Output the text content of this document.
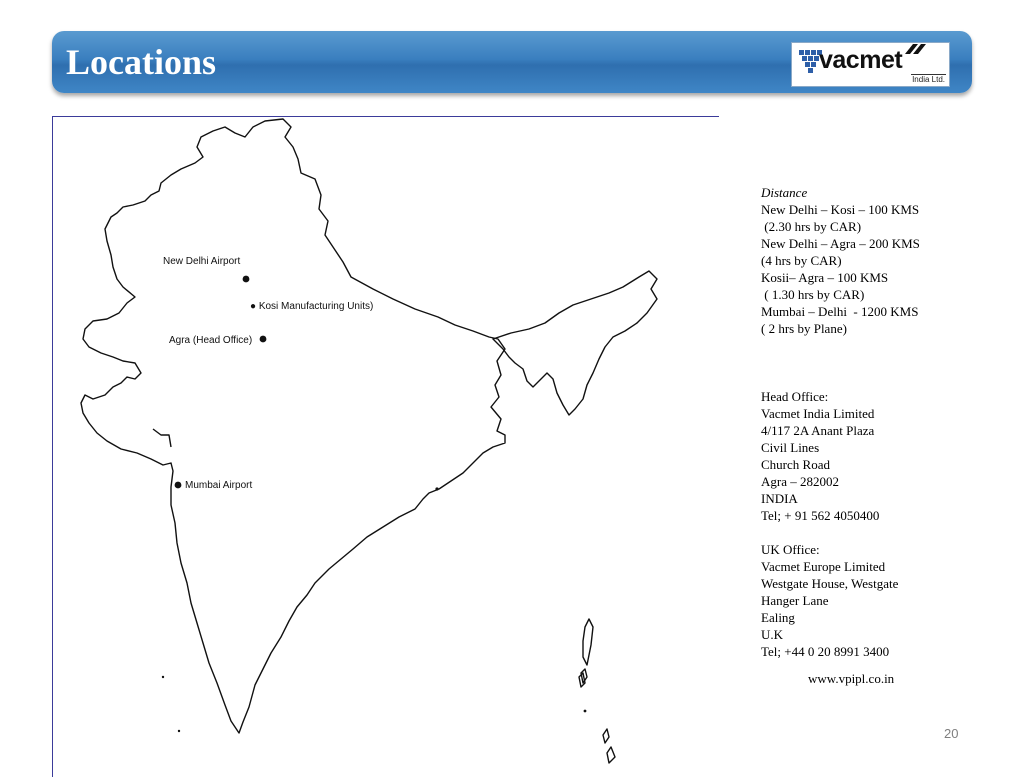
Locations	vacmet
India Ltd.
New Delhi Airport
● Kosi Manufacturing Units)
Agra (Head Office)
Mumbai Airport
Distance
New Delhi – Kosi – 100 KMS
(2.30 hrs by CAR)
New Delhi – Agra – 200 KMS
(4 hrs by CAR)
Kosii– Agra – 100 KMS
( 1.30 hrs by CAR)
Mumbai – Delhi  - 1200 KMS
( 2 hrs by Plane)
Head Office:
Vacmet India Limited
4/117 2A Anant Plaza
Civil Lines
Church Road
Agra – 282002
INDIA
Tel; + 91 562 4050400
UK Office:
Vacmet Europe Limited
Westgate House, Westgate
Hanger Lane
Ealing
U.K
Tel; +44 0 20 8991 3400
www.vpipl.co.in
20
